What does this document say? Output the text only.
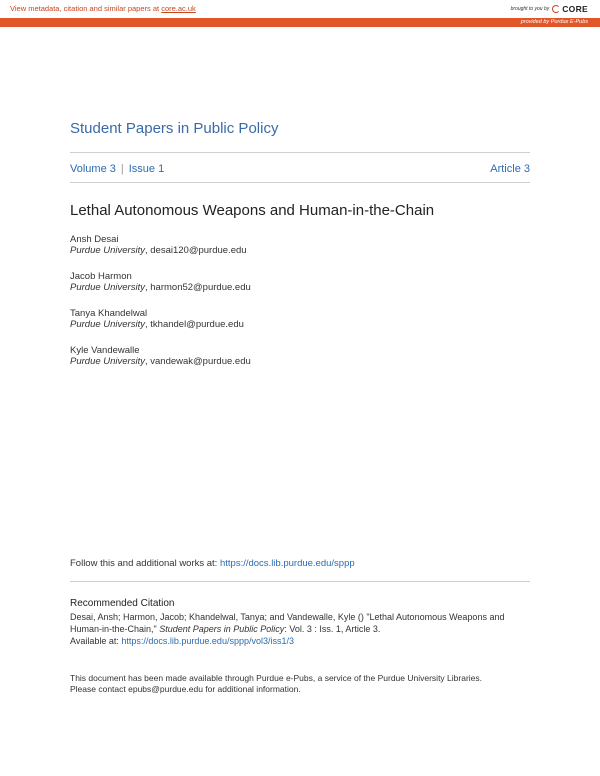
View metadata, citation and similar papers at core.ac.uk	brought to you by CORE
provided by Purdue E-Pubs
Student Papers in Public Policy
Volume 3 | Issue 1	Article 3
Lethal Autonomous Weapons and Human-in-the-Chain
Ansh Desai
Purdue University, desai120@purdue.edu
Jacob Harmon
Purdue University, harmon52@purdue.edu
Tanya Khandelwal
Purdue University, tkhandel@purdue.edu
Kyle Vandewalle
Purdue University, vandewak@purdue.edu
Follow this and additional works at: https://docs.lib.purdue.edu/sppp
Recommended Citation
Desai, Ansh; Harmon, Jacob; Khandelwal, Tanya; and Vandewalle, Kyle () "Lethal Autonomous Weapons and Human-in-the-Chain," Student Papers in Public Policy: Vol. 3 : Iss. 1, Article 3.
Available at: https://docs.lib.purdue.edu/sppp/vol3/iss1/3
This document has been made available through Purdue e-Pubs, a service of the Purdue University Libraries.
Please contact epubs@purdue.edu for additional information.
